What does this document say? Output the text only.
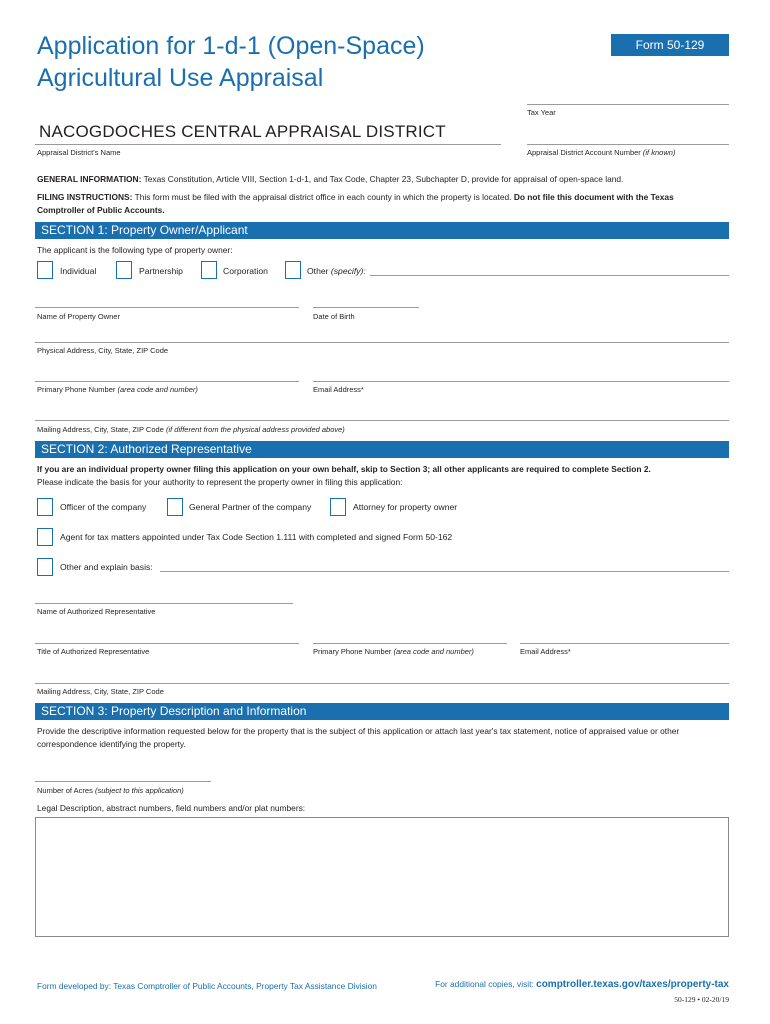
Application for 1-d-1 (Open-Space) Agricultural Use Appraisal
Form 50-129
Tax Year
NACOGDOCHES CENTRAL APPRAISAL DISTRICT
Appraisal District's Name	Appraisal District Account Number (if known)
GENERAL INFORMATION: Texas Constitution, Article VIII, Section 1-d-1, and Tax Code, Chapter 23, Subchapter D, provide for appraisal of open-space land.
FILING INSTRUCTIONS: This form must be filed with the appraisal district office in each county in which the property is located. Do not file this document with the Texas Comptroller of Public Accounts.
SECTION 1: Property Owner/Applicant
The applicant is the following type of property owner:
Individual	Partnership	Corporation	Other (specify):
Name of Property Owner	Date of Birth
Physical Address, City, State, ZIP Code
Primary Phone Number (area code and number)	Email Address*
Mailing Address, City, State, ZIP Code (if different from the physical address provided above)
SECTION 2: Authorized Representative
If you are an individual property owner filing this application on your own behalf, skip to Section 3; all other applicants are required to complete Section 2.
Please indicate the basis for your authority to represent the property owner in filing this application:
Officer of the company	General Partner of the company	Attorney for property owner
Agent for tax matters appointed under Tax Code Section 1.111 with completed and signed Form 50-162
Other and explain basis:
Name of Authorized Representative
Title of Authorized Representative	Primary Phone Number (area code and number)	Email Address*
Mailing Address, City, State, ZIP Code
SECTION 3: Property Description and Information
Provide the descriptive information requested below for the property that is the subject of this application or attach last year's tax statement, notice of appraised value or other correspondence identifying the property.
Number of Acres (subject to this application)
Legal Description, abstract numbers, field numbers and/or plat numbers:
Form developed by: Texas Comptroller of Public Accounts, Property Tax Assistance Division	For additional copies, visit: comptroller.texas.gov/taxes/property-tax
50-129 • 02-20/19
